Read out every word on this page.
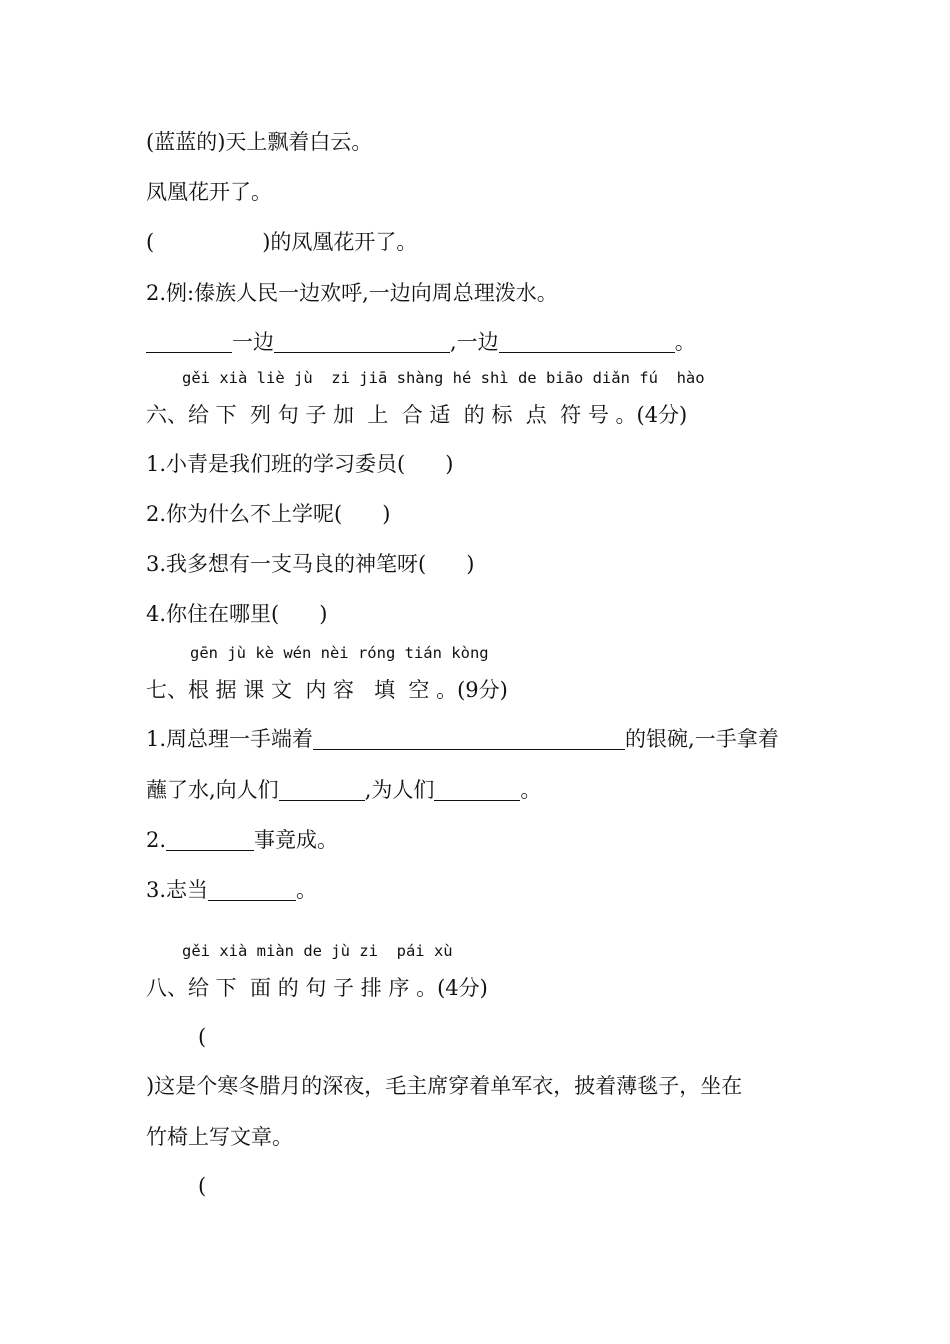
(蓝蓝的)天上飘着白云。
凤凰花开了。
(	)的凤凰花开了。
2.例:傣族人民一边欢呼,一边向周总理泼水。
一边	,一边	。
gěi xià liè jù  zi jiā shàng hé shì de biāo diǎn fú  hào
六、给 下  列 句 子 加  上  合 适  的 标  点  符 号 。(4分)
1.小青是我们班的学习委员(      )
2.你为什么不上学呢(      )
3.我多想有一支马良的神笔呀(      )
4.你住在哪里(      )
gēn jù kè wén nèi róng tián kòng
七、根 据 课 文  内 容   填  空 。(9分)
1.周总理一手端着	的银碗,一手拿着
蘸了水,向人们	,为人们	。
2.	事竟成。
3.志当	。
gěi xià miàn de jù zi  pái xù
八、给 下  面 的 句 子 排 序 。(4分)
(
)这是个寒冬腊月的深夜，毛主席穿着单军衣，披着薄毯子，坐在
竹椅上写文章。
(
